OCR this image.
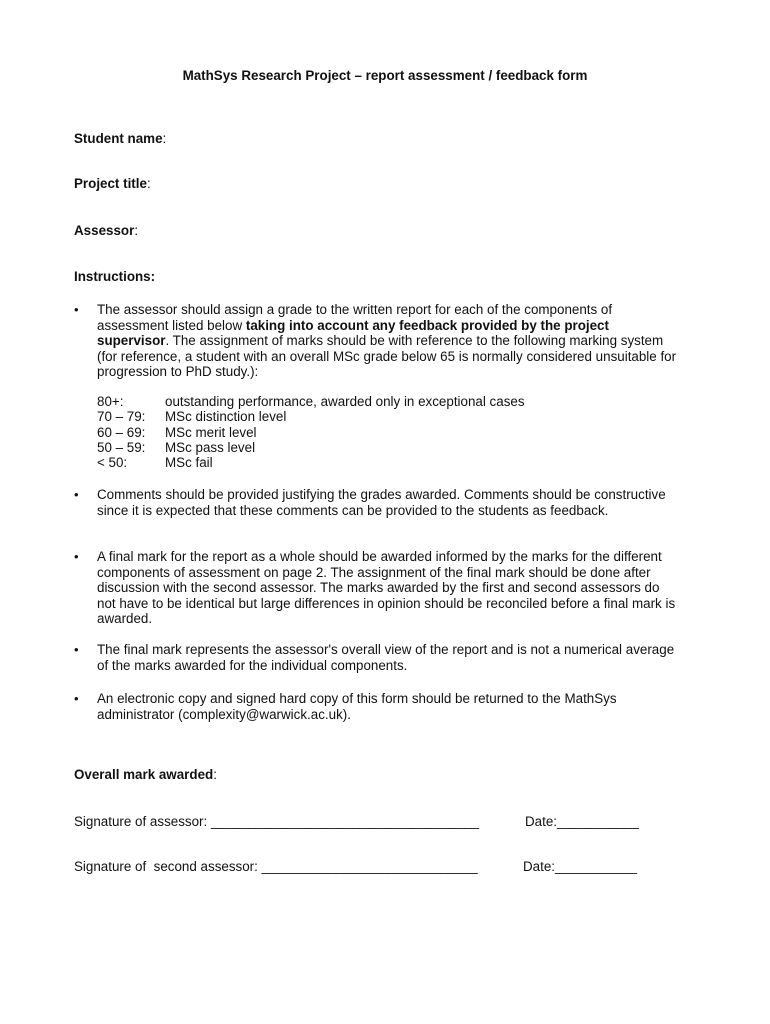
MathSys Research Project – report assessment / feedback form
Student name:
Project title:
Assessor:
Instructions:
• The assessor should assign a grade to the written report for each of the components of assessment listed below taking into account any feedback provided by the project supervisor. The assignment of marks should be with reference to the following marking system (for reference, a student with an overall MSc grade below 65 is normally considered unsuitable for progression to PhD study.):
80+:	outstanding performance, awarded only in exceptional cases
70 – 79:	MSc distinction level
60 – 69:	MSc merit level
50 – 59:	MSc pass level
< 50:	MSc fail
• Comments should be provided justifying the grades awarded. Comments should be constructive since it is expected that these comments can be provided to the students as feedback.
• A final mark for the report as a whole should be awarded informed by the marks for the different components of assessment on page 2. The assignment of the final mark should be done after discussion with the second assessor. The marks awarded by the first and second assessors do not have to be identical but large differences in opinion should be reconciled before a final mark is awarded.
• The final mark represents the assessor's overall view of the report and is not a numerical average of the marks awarded for the individual components.
• An electronic copy and signed hard copy of this form should be returned to the MathSys administrator (complexity@warwick.ac.uk).
Overall mark awarded:
Signature of assessor: ____________________________________	Date:___________
Signature of  second assessor: _____________________________	Date:___________
